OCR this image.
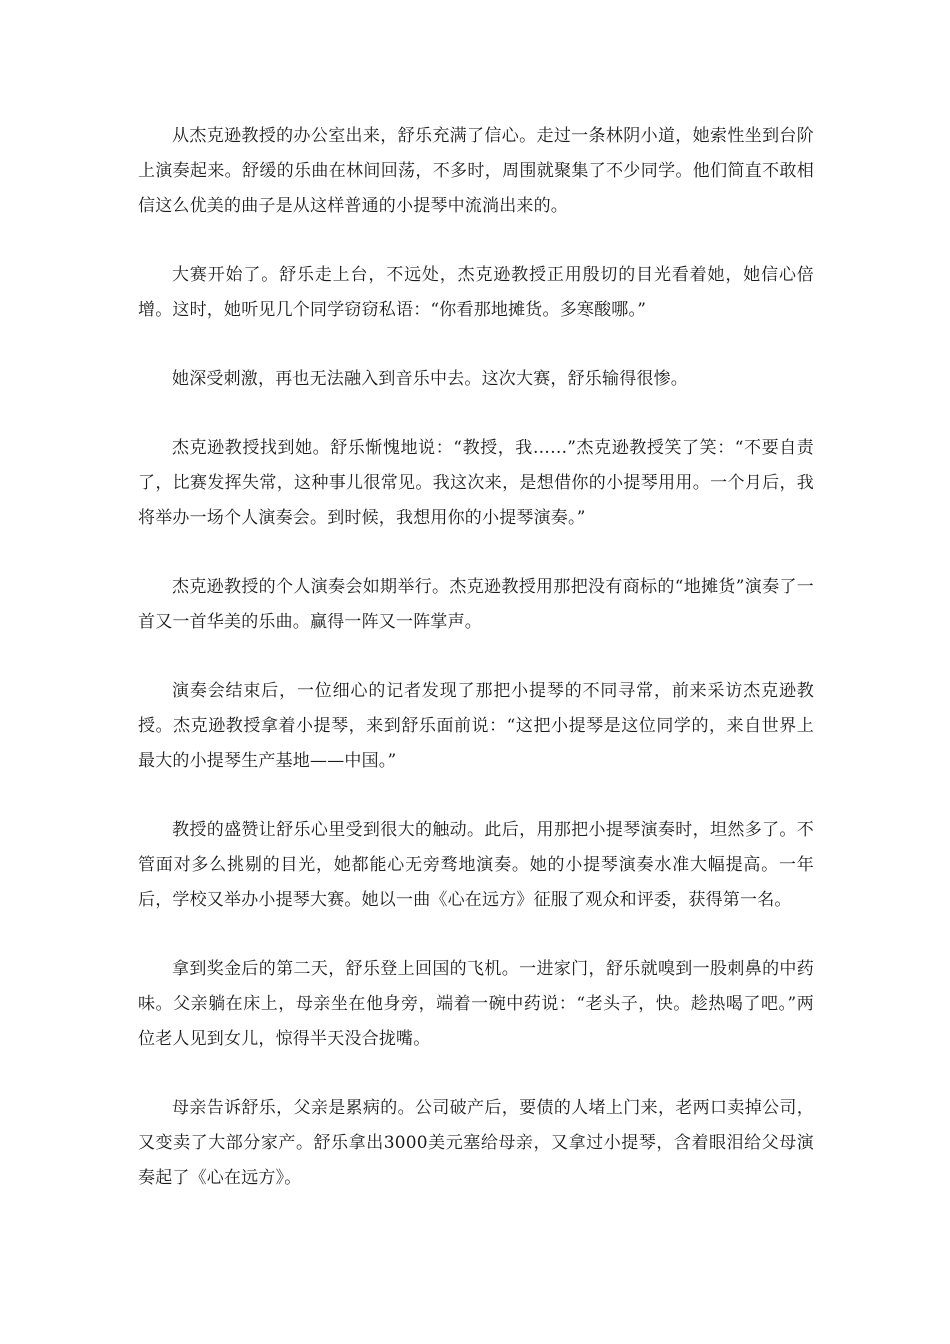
从杰克逊教授的办公室出来，舒乐充满了信心。走过一条林阴小道，她索性坐到台阶上演奏起来。舒缓的乐曲在林间回荡，不多时，周围就聚集了不少同学。他们简直不敢相信这么优美的曲子是从这样普通的小提琴中流淌出来的。

大赛开始了。舒乐走上台，不远处，杰克逊教授正用殷切的目光看着她，她信心倍增。这时，她听见几个同学窃窃私语：“你看那地摊货。多寒酸哪。”

她深受刺激，再也无法融入到音乐中去。这次大赛，舒乐输得很惨。

杰克逊教授找到她。舒乐惭愧地说：“教授，我……”杰克逊教授笑了笑：“不要自责了，比赛发挥失常，这种事儿很常见。我这次来，是想借你的小提琴用用。一个月后，我将举办一场个人演奏会。到时候，我想用你的小提琴演奏。”

杰克逊教授的个人演奏会如期举行。杰克逊教授用那把没有商标的“地摊货”演奏了一首又一首华美的乐曲。赢得一阵又一阵掌声。

演奏会结束后，一位细心的记者发现了那把小提琴的不同寻常，前来采访杰克逊教授。杰克逊教授拿着小提琴，来到舒乐面前说：“这把小提琴是这位同学的，来自世界上最大的小提琴生产基地——中国。”

教授的盛赞让舒乐心里受到很大的触动。此后，用那把小提琴演奏时，坦然多了。不管面对多么挑剔的目光，她都能心无旁骛地演奏。她的小提琴演奏水准大幅提高。一年后，学校又举办小提琴大赛。她以一曲《心在远方》征服了观众和评委，获得第一名。

拿到奖金后的第二天，舒乐登上回国的飞机。一进家门，舒乐就嗅到一股刺鼻的中药味。父亲躺在床上，母亲坐在他身旁，端着一碗中药说：“老头子，快。趁热喝了吧。”两位老人见到女儿，惊得半天没合拢嘴。

母亲告诉舒乐，父亲是累病的。公司破产后，要债的人堵上门来，老两口卖掉公司，又变卖了大部分家产。舒乐拿出3000美元塞给母亲，又拿过小提琴，含着眼泪给父母演奏起了《心在远方》。
